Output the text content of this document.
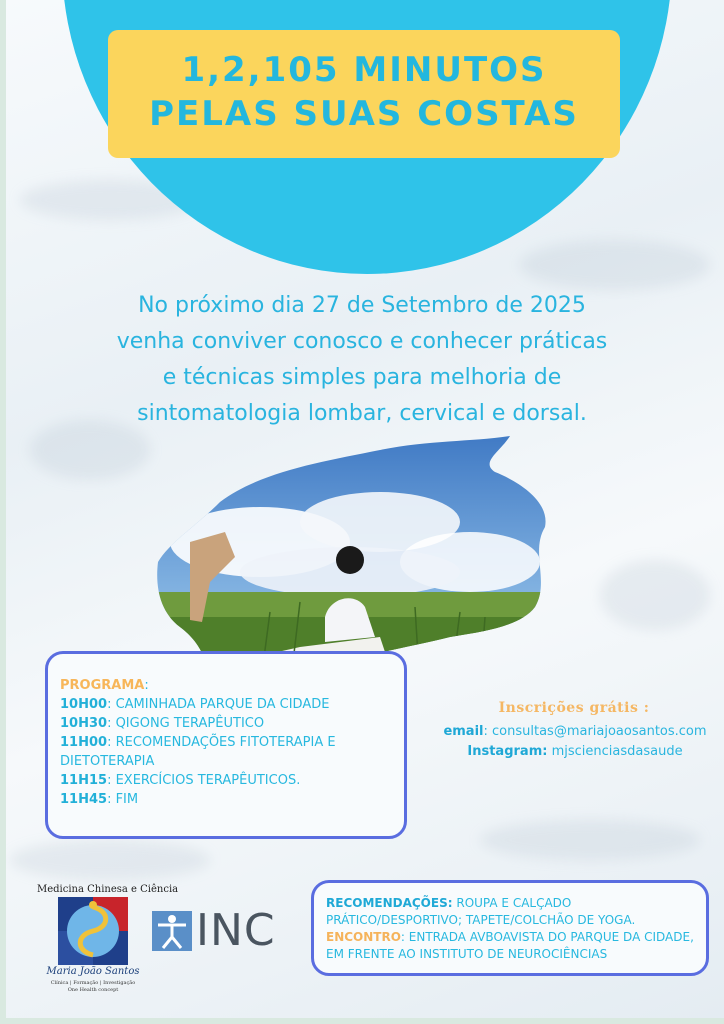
1,2,105 MINUTOS
PELAS SUAS COSTAS
No próximo dia 27 de Setembro de 2025
venha conviver conosco e conhecer práticas
e técnicas simples para melhoria de
sintomatologia lombar, cervical e dorsal.
PROGRAMA:
10H00: CAMINHADA PARQUE DA CIDADE
10H30: QIGONG TERAPÊUTICO
11H00: RECOMENDAÇÕES FITOTERAPIA E DIETOTERAPIA
11H15: EXERCÍCIOS TERAPÊUTICOS.
11H45: FIM
Inscrições grátis :
email: consultas@mariajoaosantos.com
Instagram: mjscienciasdasaude
Medicina Chinesa e Ciência
Maria João Santos
Clínica | Formação | Investigação
One Health concept
INC
RECOMENDAÇÕES: ROUPA E CALÇADO PRÁTICO/DESPORTIVO; TAPETE/COLCHÃO DE YOGA.
ENCONTRO: ENTRADA AVBOAVISTA DO PARQUE DA CIDADE, EM FRENTE AO INSTITUTO DE NEUROCIÊNCIAS
